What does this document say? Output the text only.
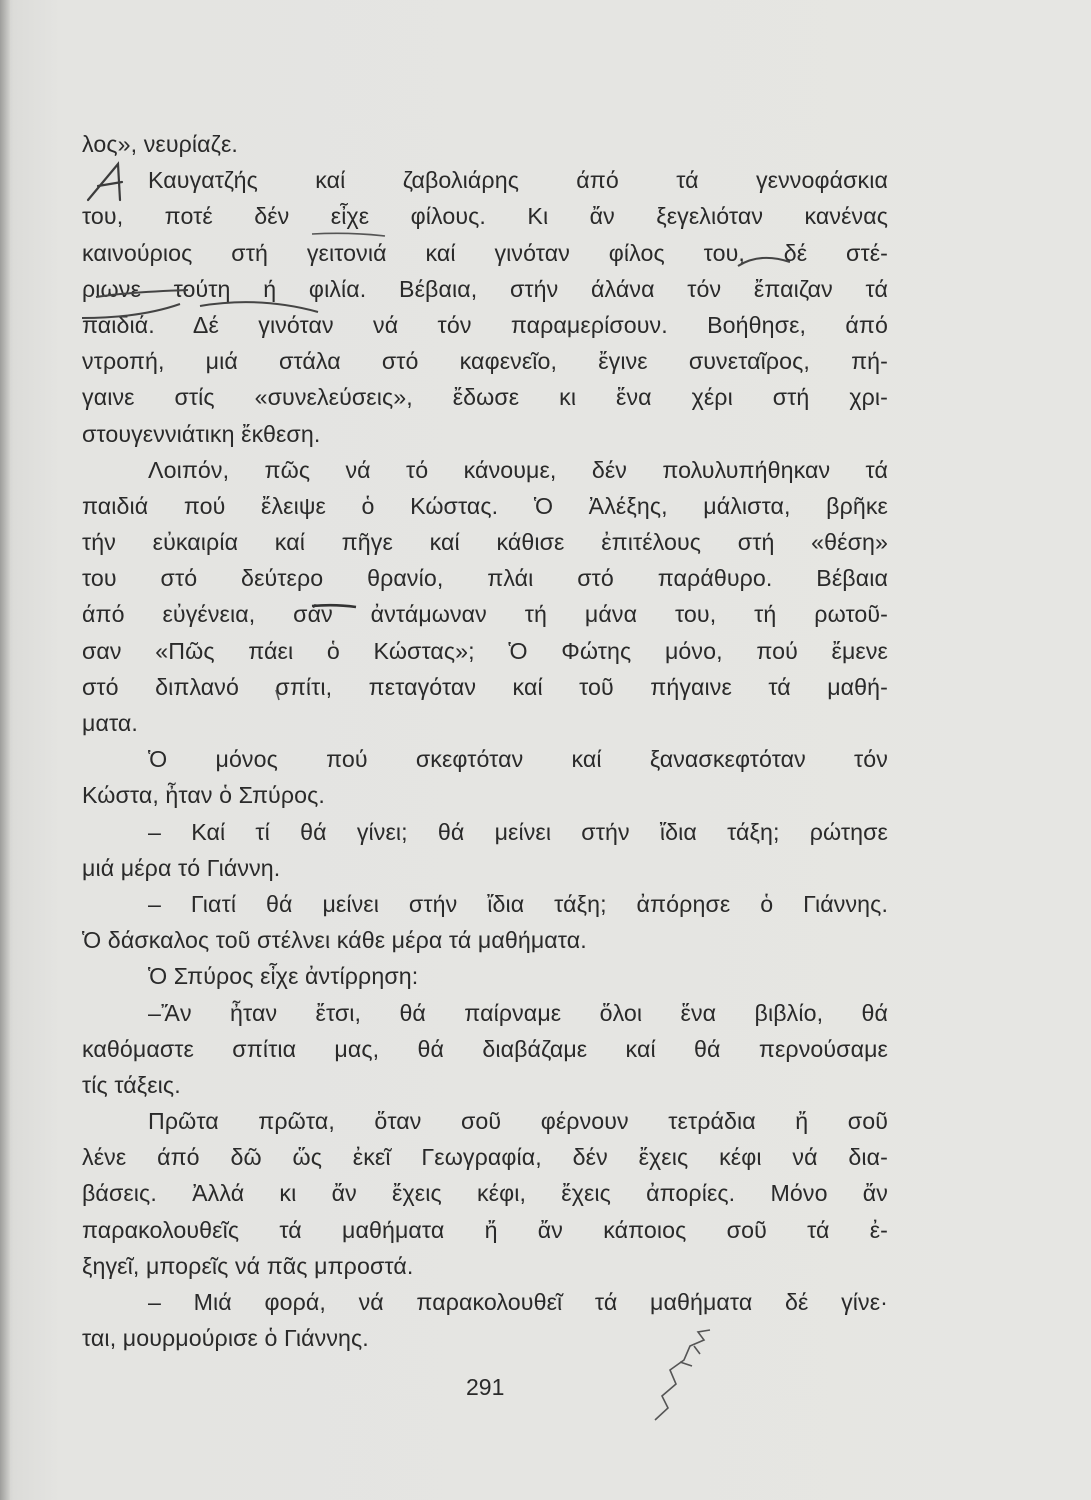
λος», νευρίαζε.
Καυγατζής καί ζαβολιάρης άπό τά γεννοφάσκια
του, ποτέ δέν εἶχε φίλους. Κι ἄν ξεγελιόταν κανένας
καινούριος στή γειτονιά καί γινόταν φίλος του, δέ στέ-
ριωνε τούτη ή φιλία. Βέβαια, στήν άλάνα τόν ἔπαιζαν τά
παιδιά. Δέ γινόταν νά τόν παραμερίσουν. Βοήθησε, άπό
ντροπή, μιά στάλα στό καφενεῖο, ἔγινε συνεταῖρος, πή-
γαινε στίς «συνελεύσεις», ἔδωσε κι ἕνα χέρι στή χρι-
στουγεννιάτικη ἔκθεση.
Λοιπόν, πῶς νά τό κάνουμε, δέν πολυλυπήθηκαν τά
παιδιά πού ἔλειψε ὁ Κώστας. Ὁ Ἀλέξης, μάλιστα, βρῆκε
τήν εὐκαιρία καί πῆγε καί κάθισε ἐπιτέλους στή «θέση»
του στό δεύτερο θρανίο, πλάι στό παράθυρο. Βέβαια
άπό εὐγένεια, σάν ἀντάμωναν τή μάνα του, τή ρωτοῦ-
σαν «Πῶς πάει ὁ Κώστας»; Ὁ Φώτης μόνο, πού ἔμενε
στό διπλανό σπίτι, πεταγόταν καί τοῦ πήγαινε τά μαθή-
ματα.
Ὁ μόνος πού σκεφτόταν καί ξανασκεφτόταν τόν
Κώστα, ἦταν ὁ Σπύρος.
– Καί τί θά γίνει; θά μείνει στήν ἴδια τάξη; ρώτησε
μιά μέρα τό Γιάννη.
– Γιατί θά μείνει στήν ἴδια τάξη; ἀπόρησε ὁ Γιάννης.
Ὁ δάσκαλος τοῦ στέλνει κάθε μέρα τά μαθήματα.
Ὁ Σπύρος εἶχε ἀντίρρηση:
–Ἄν ἦταν ἔτσι, θά παίρναμε ὅλοι ἕνα βιβλίο, θά
καθόμαστε σπίτια μας, θά διαβάζαμε καί θά περνούσαμε
τίς τάξεις.
Πρῶτα πρῶτα, ὅταν σοῦ φέρνουν τετράδια ἤ σοῦ
λένε άπό δῶ ὥς ἐκεῖ Γεωγραφία, δέν ἔχεις κέφι νά δια-
βάσεις. Ἀλλά κι ἄν ἔχεις κέφι, ἔχεις ἀπορίες. Μόνο ἄν
παρακολουθεῖς τά μαθήματα ἤ ἄν κάποιος σοῦ τά ἐ-
ξηγεῖ, μπορεῖς νά πᾶς μπροστά.
– Μιά φορά, νά παρακολουθεῖ τά μαθήματα δέ γίνε·
ται, μουρμούρισε ὁ Γιάννης.
291
